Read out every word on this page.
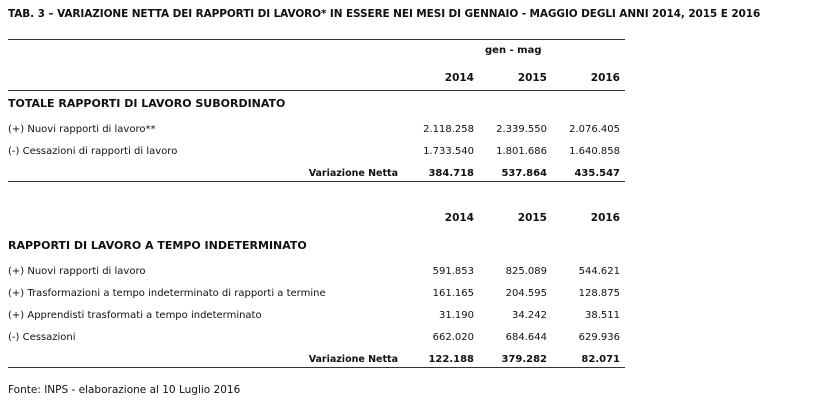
TAB. 3 – VARIAZIONE NETTA DEI RAPPORTI DI LAVORO* IN ESSERE NEI MESI DI GENNAIO - MAGGIO DEGLI ANNI 2014, 2015 E 2016
gen - mag
2014	2015	2016
TOTALE RAPPORTI DI LAVORO SUBORDINATO
(+) Nuovi rapporti di lavoro**	2.118.258	2.339.550	2.076.405
(-) Cessazioni di rapporti di lavoro	1.733.540	1.801.686	1.640.858
Variazione Netta	384.718	537.864	435.547
2014	2015	2016
RAPPORTI DI LAVORO A TEMPO INDETERMINATO
(+) Nuovi rapporti di lavoro	591.853	825.089	544.621
(+) Trasformazioni a tempo indeterminato di rapporti a termine	161.165	204.595	128.875
(+) Apprendisti trasformati a tempo indeterminato	31.190	34.242	38.511
(-) Cessazioni	662.020	684.644	629.936
Variazione Netta	122.188	379.282	82.071
Fonte: INPS - elaborazione al 10 Luglio 2016
